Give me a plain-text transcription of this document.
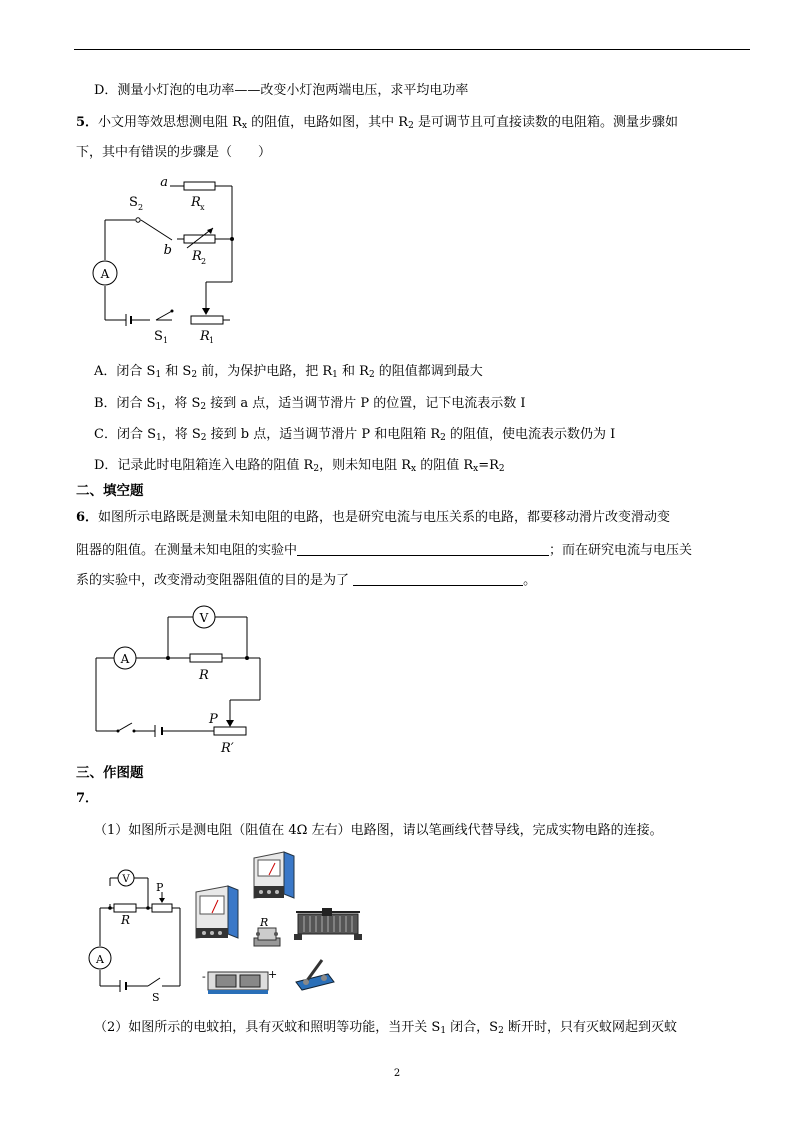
D．测量小灯泡的电功率——改变小灯泡两端电压，求平均电功率
5．小文用等效思想测电阻 $R_x$ 的阻值，电路如图，其中 $R_2$ 是可调节且可直接读数的电阻箱。测量步骤如
下，其中有错误的步骤是（　　）
a
b
S 2	R x
R 2
A
S 1 R 1
A．闭合 $S_1$ 和 $S_2$ 前，为保护电路，把 $R_1$ 和 $R_2$ 的阻值都调到最大
B．闭合 $S_1$，将 $S_2$ 接到 a 点，适当调节滑片 P 的位置，记下电流表示数 I
C．闭合 $S_1$，将 $S_2$ 接到 b 点，适当调节滑片 P 和电阻箱 $R_2$ 的阻值，使电流表示数仍为 I
D．记录此时电阻箱连入电路的阻值 $R_2$，则未知电阻 $R_x$ 的阻值 $R_x=R_2$
二、填空题
6．如图所示电路既是测量未知电阻的电路，也是研究电流与电压关系的电路，都要移动滑片改变滑动变
阻器的阻值。在测量未知电阻的实验中	；而在研究电流与电压关
系的实验中，改变滑动变阻器阻值的目的是为了	。
V
A
R
P
R′
三、作图题
7．
（1）如图所示是测电阻（阻值在 4Ω 左右）电路图，请以笔画线代替导线，完成实物电路的连接。
V
A
R
P
S
R
-	+
（2）如图所示的电蚊拍，具有灭蚊和照明等功能，当开关 $S_1$ 闭合，$S_2$ 断开时，只有灭蚊网起到灭蚊
2
